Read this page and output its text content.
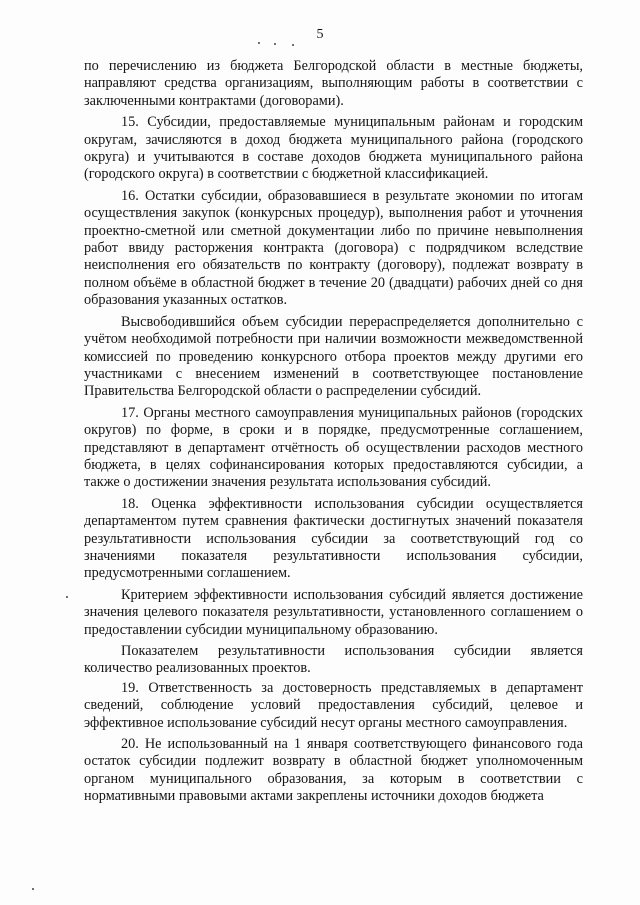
5

по перечислению из бюджета Белгородской области в местные бюджеты, направляют средства организациям, выполняющим работы в соответствии с заключенными контрактами (договорами).

15. Субсидии, предоставляемые муниципальным районам и городским округам, зачисляются в доход бюджета муниципального района (городского округа) и учитываются в составе доходов бюджета муниципального района (городского округа) в соответствии с бюджетной классификацией.

16. Остатки субсидии, образовавшиеся в результате экономии по итогам осуществления закупок (конкурсных процедур), выполнения работ и уточнения проектно-сметной или сметной документации либо по причине невыполнения работ ввиду расторжения контракта (договора) с подрядчиком вследствие неисполнения его обязательств по контракту (договору), подлежат возврату в полном объёме в областной бюджет в течение 20 (двадцати) рабочих дней со дня образования указанных остатков.

Высвободившийся объем субсидии перераспределяется дополнительно с учётом необходимой потребности при наличии возможности межведомственной комиссией по проведению конкурсного отбора проектов между другими его участниками с внесением изменений в соответствующее постановление Правительства Белгородской области о распределении субсидий.

17. Органы местного самоуправления муниципальных районов (городских округов) по форме, в сроки и в порядке, предусмотренные соглашением, представляют в департамент отчётность об осуществлении расходов местного бюджета, в целях софинансирования которых предоставляются субсидии, а также о достижении значения результата использования субсидий.

18. Оценка эффективности использования субсидии осуществляется департаментом путем сравнения фактически достигнутых значений показателя результативности использования субсидии за соответствующий год со значениями показателя результативности использования субсидии, предусмотренными соглашением.

Критерием эффективности использования субсидий является достижение значения целевого показателя результативности, установленного соглашением о предоставлении субсидии муниципальному образованию.

Показателем результативности использования субсидии является количество реализованных проектов.

19. Ответственность за достоверность представляемых в департамент сведений, соблюдение условий предоставления субсидий, целевое и эффективное использование субсидий несут органы местного самоуправления.

20. Не использованный на 1 января соответствующего финансового года остаток субсидии подлежит возврату в областной бюджет уполномоченным органом муниципального образования, за которым в соответствии с нормативными правовыми актами закреплены источники доходов бюджета
